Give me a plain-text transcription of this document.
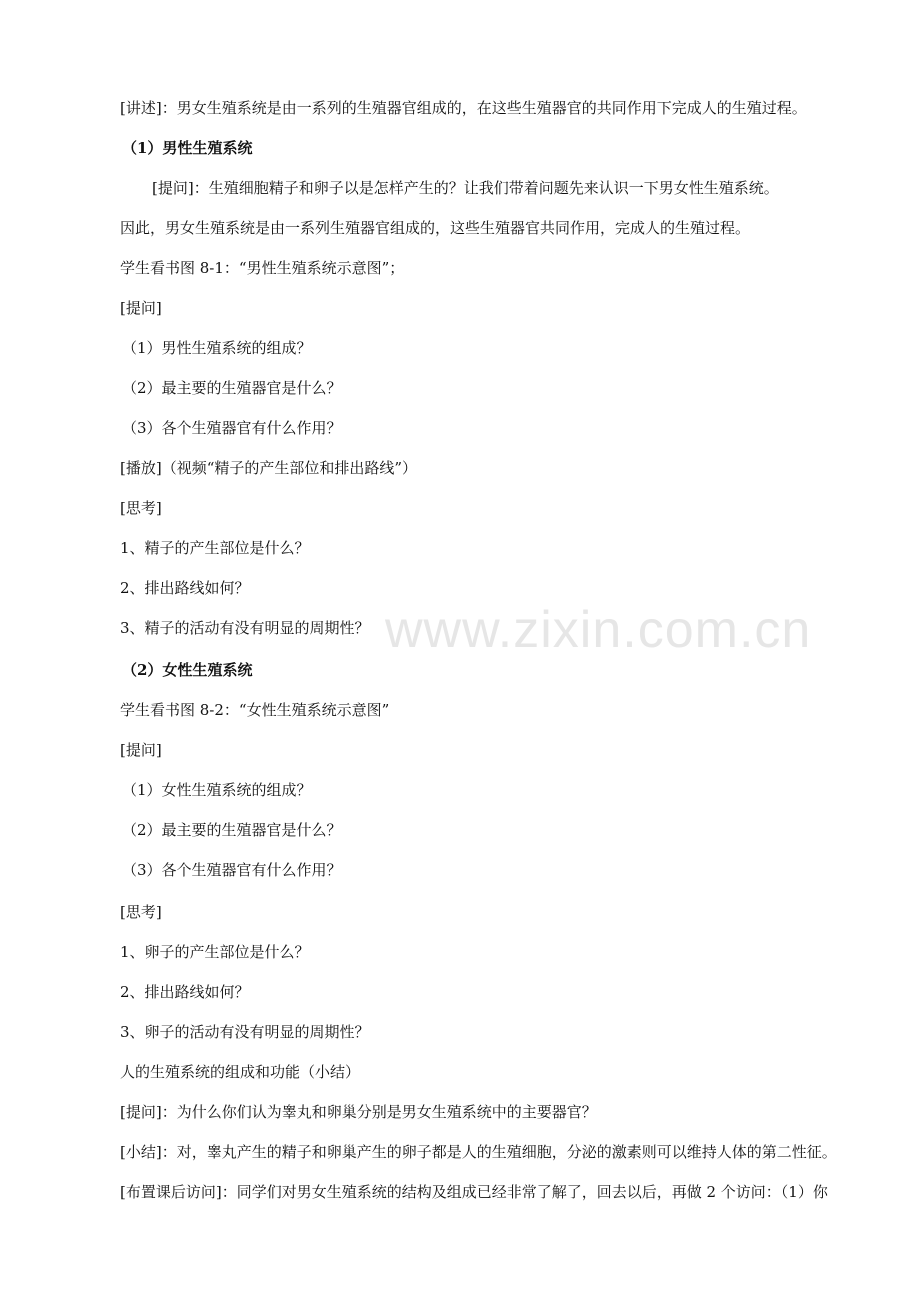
www.zixin.com.cn
[讲述]：男女生殖系统是由一系列的生殖器官组成的，在这些生殖器官的共同作用下完成人的生殖过程。
（1）男性生殖系统
[提问]：生殖细胞精子和卵子以是怎样产生的？让我们带着问题先来认识一下男女性生殖系统。
因此，男女生殖系统是由一系列生殖器官组成的，这些生殖器官共同作用，完成人的生殖过程。
学生看书图 8-1：“男性生殖系统示意图”；
[提问]
（1）男性生殖系统的组成？
（2）最主要的生殖器官是什么？
（3）各个生殖器官有什么作用？
[播放]（视频“精子的产生部位和排出路线”）
[思考]
1、精子的产生部位是什么？
2、排出路线如何？
3、精子的活动有没有明显的周期性？
（2）女性生殖系统
学生看书图 8-2：“女性生殖系统示意图”
[提问]
（1）女性生殖系统的组成？
（2）最主要的生殖器官是什么？
（3）各个生殖器官有什么作用？
[思考]
1、卵子的产生部位是什么？
2、排出路线如何？
3、卵子的活动有没有明显的周期性？
人的生殖系统的组成和功能（小结）
[提问]：为什么你们认为睾丸和卵巢分别是男女生殖系统中的主要器官？
[小结]：对，睾丸产生的精子和卵巢产生的卵子都是人的生殖细胞，分泌的激素则可以维持人体的第二性征。
[布置课后访问]：同学们对男女生殖系统的结构及组成已经非常了解了，回去以后，再做 2 个访问：（1）你
